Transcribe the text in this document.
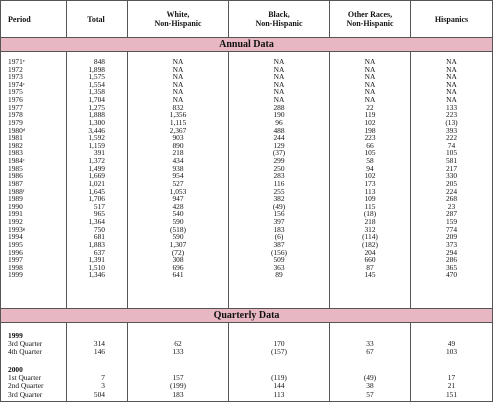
Period	Total	White,
Non-Hispanic
Black,
Non-Hispanic
Other Races,
Non-Hispanic	Hispanics
Annual Data
Quarterly Data
1971ᵉ	848	NA	NA	NA	NA
1972	1,898	NA	NA	NA	NA
1973	1,575	NA	NA	NA	NA
1974ᶜ	1,554	NA	NA	NA	NA
1975	1,358	NA	NA	NA	NA
1976	1,704	NA	NA	NA	NA
1977	1,275	832	288	22	133
1978	1,888	1,356	190	119	223
1979	1,300	1,115	96	102	(13)
1980ᵈ	3,446	2,367	488	198	393
1981	1,592	903	244	223	222
1982	1,159	890	129	66	74
1983	391	218	(37)	105	105
1984ᶜ	1,372	434	299	58	581
1985	1,499	938	250	94	217
1986	1,669	954	283	102	330
1987	1,021	527	116	173	205
1988ᶠ	1,645	1,053	255	113	224
1989	1,706	947	382	109	268
1990	517	428	(49)	115	23
1991	965	540	156	(18)	287
1992	1,364	590	397	218	159
1993ᵍ	750	(518)	183	312	774
1994	681	590	(6)	(114)	209
1995	1,883	1,307	387	(182)	373
1996	637	(72)	(156)	204	294
1997	1,391	308	509	660	286
1998	1,510	696	363	87	365
1999	1,346	641	89	145	470
1999
3rd Quarter	314	62	170	33	49
4th Quarter	146	133	(157)	67	103
2000
1st Quarter	7	157	(119)	(49)	17
2nd Quarter	3	(199)	144	38	21
3rd Quarter	504	183	113	57	151
